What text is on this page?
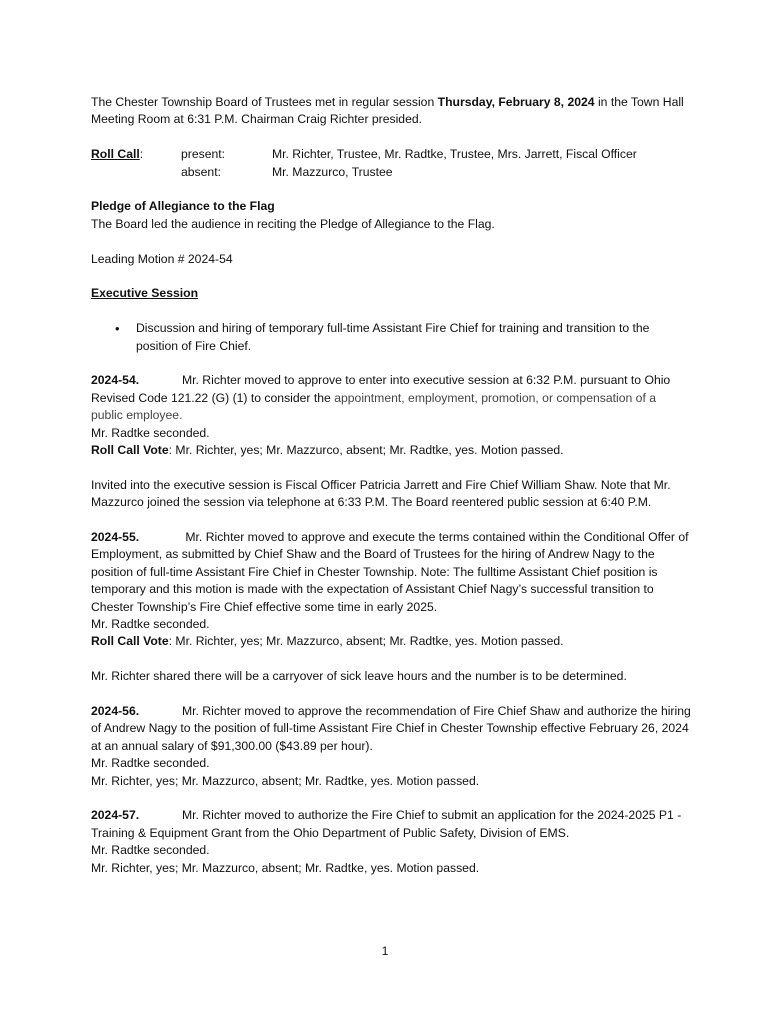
The Chester Township Board of Trustees met in regular session Thursday, February 8, 2024 in the Town Hall Meeting Room at 6:31 P.M. Chairman Craig Richter presided.

Roll Call:	present:	Mr. Richter, Trustee, Mr. Radtke, Trustee, Mrs. Jarrett, Fiscal Officer
absent:	Mr. Mazzurco, Trustee

Pledge of Allegiance to the Flag

The Board led the audience in reciting the Pledge of Allegiance to the Flag.

Leading Motion # 2024-54

Executive Session

•	Discussion and hiring of temporary full-time Assistant Fire Chief for training and transition to the position of Fire Chief.

2024-54.	Mr. Richter moved to approve to enter into executive session at 6:32 P.M. pursuant to Ohio Revised Code 121.22 (G) (1) to consider the appointment, employment, promotion, or compensation of a public employee.

Mr. Radtke seconded.

Roll Call Vote: Mr. Richter, yes; Mr. Mazzurco, absent; Mr. Radtke, yes. Motion passed.

Invited into the executive session is Fiscal Officer Patricia Jarrett and Fire Chief William Shaw. Note that Mr. Mazzurco joined the session via telephone at 6:33 P.M. The Board reentered public session at 6:40 P.M.

2024-55.	Mr. Richter moved to approve and execute the terms contained within the Conditional Offer of Employment, as submitted by Chief Shaw and the Board of Trustees for the hiring of Andrew Nagy to the position of full-time Assistant Fire Chief in Chester Township. Note: The fulltime Assistant Chief position is temporary and this motion is made with the expectation of Assistant Chief Nagy’s successful transition to Chester Township’s Fire Chief effective some time in early 2025.

Mr. Radtke seconded.

Roll Call Vote: Mr. Richter, yes; Mr. Mazzurco, absent; Mr. Radtke, yes. Motion passed.

Mr. Richter shared there will be a carryover of sick leave hours and the number is to be determined.

2024-56.	Mr. Richter moved to approve the recommendation of Fire Chief Shaw and authorize the hiring of Andrew Nagy to the position of full-time Assistant Fire Chief in Chester Township effective February 26, 2024 at an annual salary of $91,300.00 ($43.89 per hour).

Mr. Radtke seconded.

Mr. Richter, yes; Mr. Mazzurco, absent; Mr. Radtke, yes. Motion passed.

2024-57.	Mr. Richter moved to authorize the Fire Chief to submit an application for the 2024-2025 P1 - Training & Equipment Grant from the Ohio Department of Public Safety, Division of EMS.

Mr. Radtke seconded.

Mr. Richter, yes; Mr. Mazzurco, absent; Mr. Radtke, yes. Motion passed.

1
